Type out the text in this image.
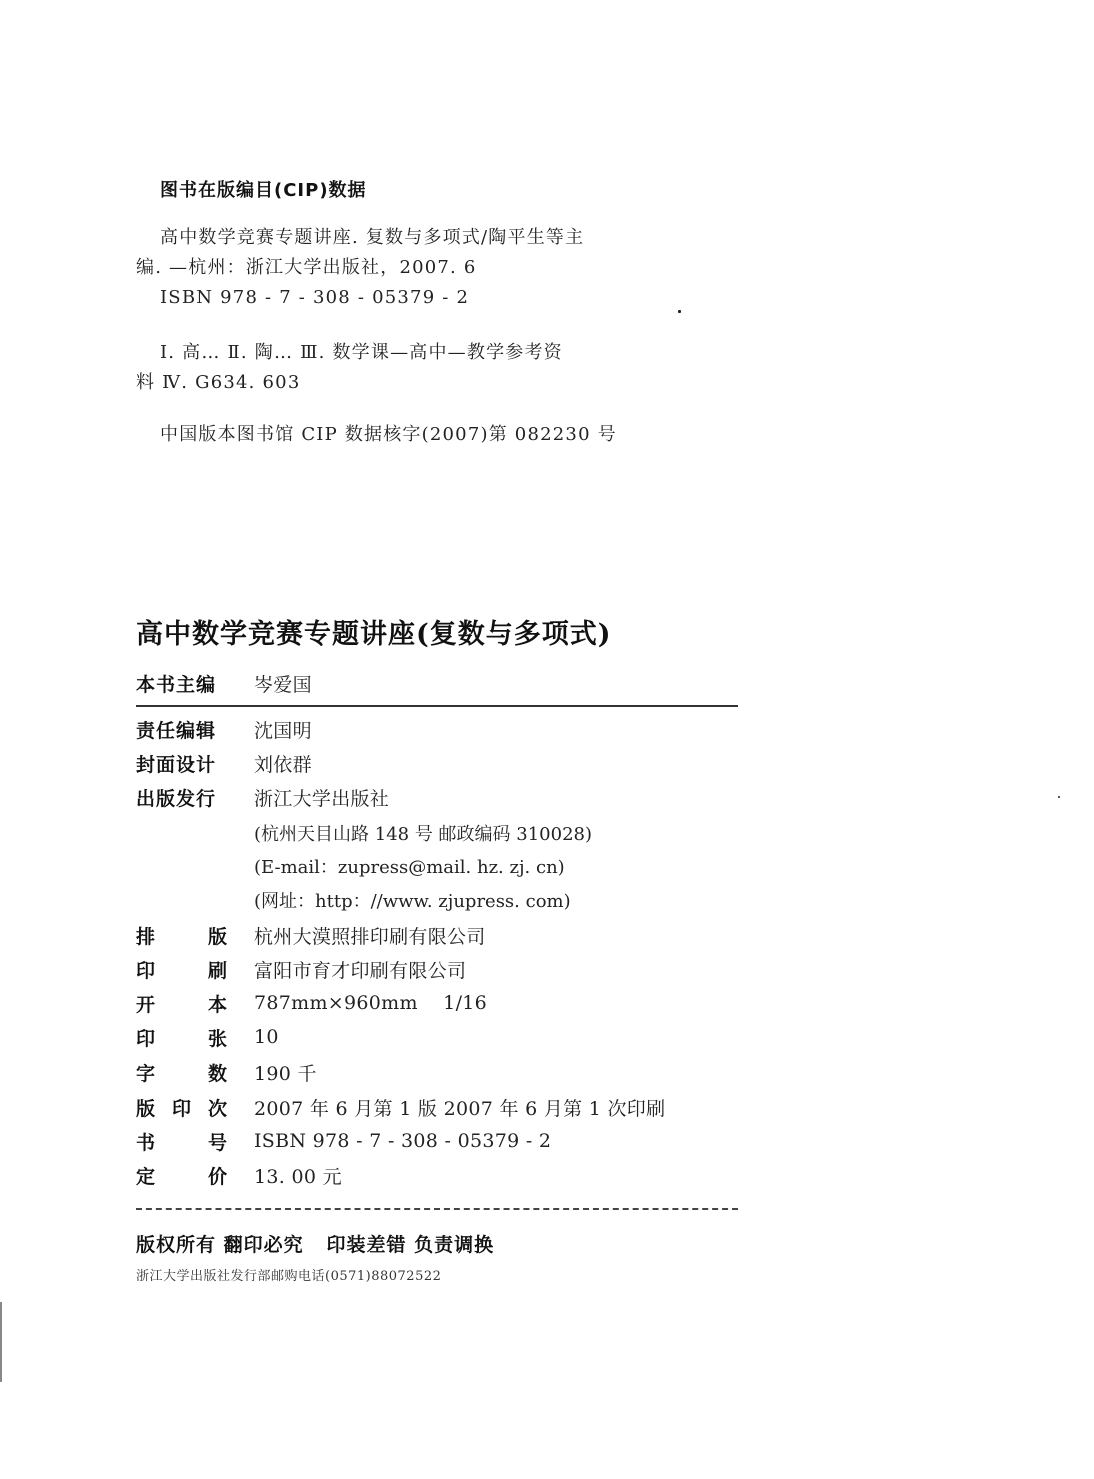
图书在版编目(CIP)数据
高中数学竞赛专题讲座. 复数与多项式/陶平生等主
编. —杭州：浙江大学出版社，2007. 6
ISBN 978 - 7 - 308 - 05379 - 2
Ⅰ. 高… Ⅱ. 陶… Ⅲ. 数学课—高中—教学参考资
料 Ⅳ. G634. 603
中国版本图书馆 CIP 数据核字(2007)第 082230 号
高中数学竞赛专题讲座(复数与多项式)
本书主编	岑爱国
责任编辑	沈国明
封面设计	刘依群
出版发行	浙江大学出版社
(杭州天目山路 148 号 邮政编码 310028)
(E-mail：zupress@mail. hz. zj. cn)
(网址：http：//www. zjupress. com)
排	版 杭州大漠照排印刷有限公司
印	刷 富阳市育才印刷有限公司
开	本 787mm×960mm    1/16
印	张 10
字	数 190 千
版 印 次 2007 年 6 月第 1 版 2007 年 6 月第 1 次印刷
书	号 ISBN 978 - 7 - 308 - 05379 - 2
定	价 13. 00 元
版权所有 翻印必究   印装差错 负责调换
浙江大学出版社发行部邮购电话(0571)88072522
